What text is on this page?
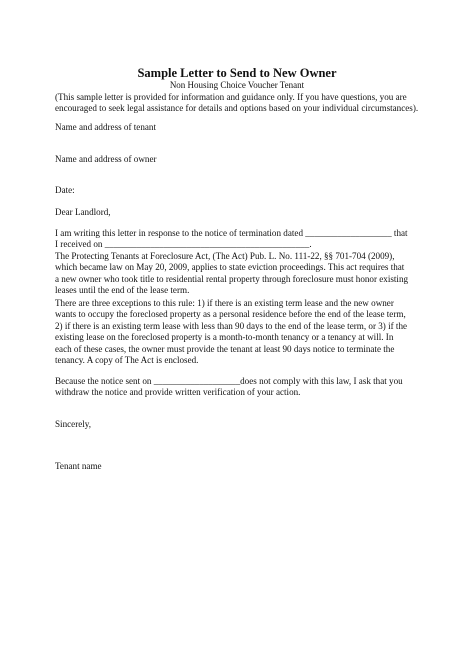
Sample Letter to Send to New Owner
Non Housing Choice Voucher Tenant
(This sample letter is provided for information and guidance only. If you have questions, you are
encouraged to seek legal assistance for details and options based on your individual circumstances).
Name and address of tenant
Name and address of owner
Date:
Dear Landlord,
I am writing this letter in response to the notice of termination dated ___________________ that
I received on _____________________________________________.
The Protecting Tenants at Foreclosure Act, (The Act) Pub. L. No. 111-22, §§ 701-704 (2009),
which became law on May 20, 2009, applies to state eviction proceedings. This act requires that
a new owner who took title to residential rental property through foreclosure must honor existing
leases until the end of the lease term.
There are three exceptions to this rule: 1) if there is an existing term lease and the new owner
wants to occupy the foreclosed property as a personal residence before the end of the lease term,
2) if there is an existing term lease with less than 90 days to the end of the lease term, or 3) if the
existing lease on the foreclosed property is a month-to-month tenancy or a tenancy at will. In
each of these cases, the owner must provide the tenant at least 90 days notice to terminate the
tenancy. A copy of The Act is enclosed.
Because the notice sent on ___________________does not comply with this law, I ask that you
withdraw the notice and provide written verification of your action.
Sincerely,
Tenant name
